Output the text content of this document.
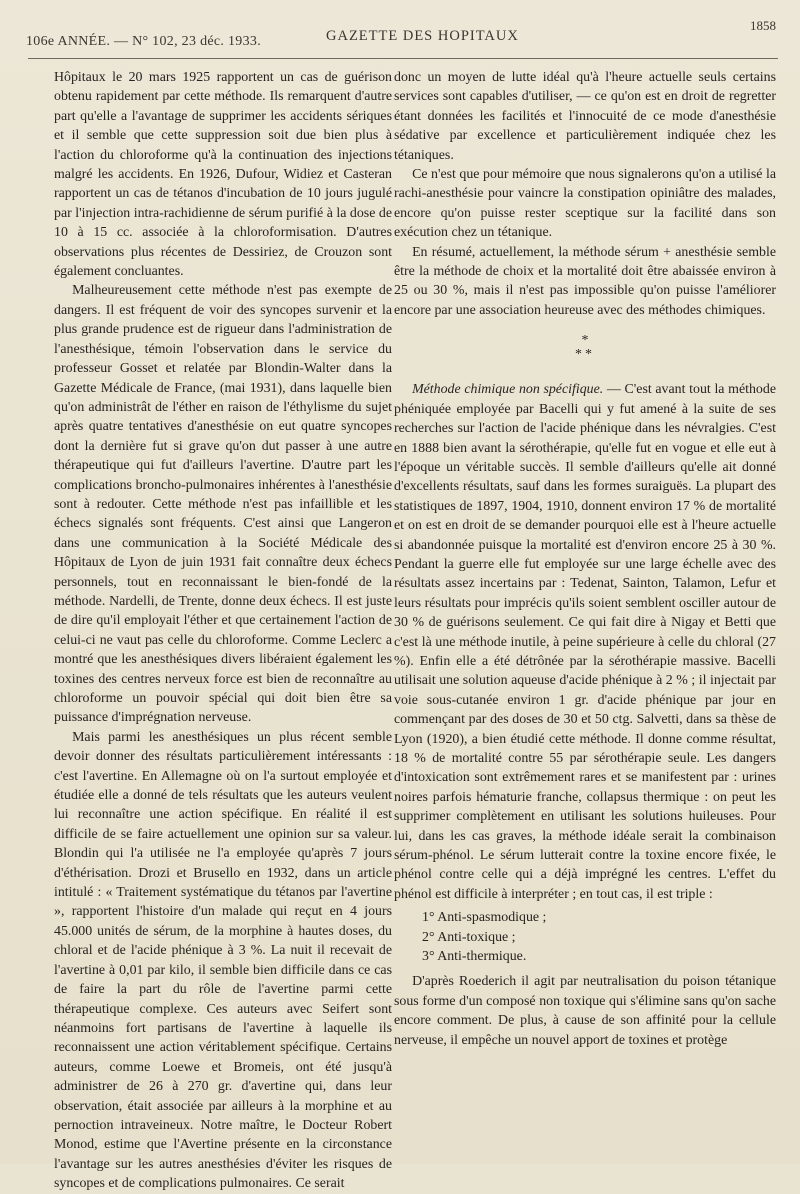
106e ANNÉE. — N° 102, 23 déc. 1933.	GAZETTE DES HOPITAUX
1858

Hôpitaux le 20 mars 1925 rapportent un cas de guérison obtenu rapidement par cette méthode. Ils remarquent d'autre part qu'elle a l'avantage de supprimer les accidents sériques et il semble que cette suppression soit due bien plus à l'action du chloroforme qu'à la continuation des injections malgré les accidents. En 1926, Dufour, Widiez et Casteran rapportent un cas de tétanos d'incubation de 10 jours jugulé par l'injection intra-rachidienne de sérum purifié à la dose de 10 à 15 cc. associée à la chloroformisation. D'autres observations plus récentes de Dessiriez, de Crouzon sont également concluantes.

Malheureusement cette méthode n'est pas exempte de dangers. Il est fréquent de voir des syncopes survenir et la plus grande prudence est de rigueur dans l'administration de l'anesthésique, témoin l'observation dans le service du professeur Gosset et relatée par Blondin-Walter dans la Gazette Médicale de France, (mai 1931), dans laquelle bien qu'on administrât de l'éther en raison de l'éthylisme du sujet après quatre tentatives d'anesthésie on eut quatre syncopes dont la dernière fut si grave qu'on dut passer à une autre thérapeutique qui fut d'ailleurs l'avertine. D'autre part les complications broncho-pulmonaires inhérentes à l'anesthésie sont à redouter. Cette méthode n'est pas infaillible et les échecs signalés sont fréquents. C'est ainsi que Langeron dans une communication à la Société Médicale des Hôpitaux de Lyon de juin 1931 fait connaître deux échecs personnels, tout en reconnaissant le bien-fondé de la méthode. Nardelli, de Trente, donne deux échecs. Il est juste de dire qu'il employait l'éther et que certainement l'action de celui-ci ne vaut pas celle du chloroforme. Comme Leclerc a montré que les anesthésiques divers libéraient également les toxines des centres nerveux force est bien de reconnaître au chloroforme un pouvoir spécial qui doit bien être sa puissance d'imprégnation nerveuse.

Mais parmi les anesthésiques un plus récent semble devoir donner des résultats particulièrement intéressants : c'est l'avertine. En Allemagne où on l'a surtout employée et étudiée elle a donné de tels résultats que les auteurs veulent lui reconnaître une action spécifique. En réalité il est difficile de se faire actuellement une opinion sur sa valeur. Blondin qui l'a utilisée ne l'a employée qu'après 7 jours d'éthérisation. Drozi et Brusello en 1932, dans un article intitulé : « Traitement systématique du tétanos par l'avertine », rapportent l'histoire d'un malade qui reçut en 4 jours 45.000 unités de sérum, de la morphine à hautes doses, du chloral et de l'acide phénique à 3 %. La nuit il recevait de l'avertine à 0,01 par kilo, il semble bien difficile dans ce cas de faire la part du rôle de l'avertine parmi cette thérapeutique complexe. Ces auteurs avec Seifert sont néanmoins fort partisans de l'avertine à laquelle ils reconnaissent une action véritablement spécifique. Certains auteurs, comme Loewe et Bromeis, ont été jusqu'à administrer de 26 à 270 gr. d'avertine qui, dans leur observation, était associée par ailleurs à la morphine et au pernoction intraveineux. Notre maître, le Docteur Robert Monod, estime que l'Avertine présente en la circonstance l'avantage sur les autres anesthésies d'éviter les risques de syncopes et de complications pulmonaires. Ce serait

donc un moyen de lutte idéal qu'à l'heure actuelle seuls certains services sont capables d'utiliser, — ce qu'on est en droit de regretter étant données les facilités et l'innocuité de ce mode d'anesthésie sédative par excellence et particulièrement indiquée chez les tétaniques.

Ce n'est que pour mémoire que nous signalerons qu'on a utilisé la rachi-anesthésie pour vaincre la constipation opiniâtre des malades, encore qu'on puisse rester sceptique sur la facilité dans son exécution chez un tétanique.

En résumé, actuellement, la méthode sérum + anesthésie semble être la méthode de choix et la mortalité doit être abaissée environ à 25 ou 30 %, mais il n'est pas impossible qu'on puisse l'améliorer encore par une association heureuse avec des méthodes chimiques.

*
**

Méthode chimique non spécifique. — C'est avant tout la méthode phéniquée employée par Bacelli qui y fut amené à la suite de ses recherches sur l'action de l'acide phénique dans les névralgies. C'est en 1888 bien avant la sérothérapie, qu'elle fut en vogue et elle eut à l'époque un véritable succès. Il semble d'ailleurs qu'elle ait donné d'excellents résultats, sauf dans les formes suraiguës. La plupart des statistiques de 1897, 1904, 1910, donnent environ 17 % de mortalité et on est en droit de se demander pourquoi elle est à l'heure actuelle si abandonnée puisque la mortalité est d'environ encore 25 à 30 %. Pendant la guerre elle fut employée sur une large échelle avec des résultats assez incertains par : Tedenat, Sainton, Talamon, Lefur et leurs résultats pour imprécis qu'ils soient semblent osciller autour de 30 % de guérisons seulement. Ce qui fait dire à Nigay et Betti que c'est là une méthode inutile, à peine supérieure à celle du chloral (27 %). Enfin elle a été détrônée par la sérothérapie massive. Bacelli utilisait une solution aqueuse d'acide phénique à 2 % ; il injectait par voie sous-cutanée environ 1 gr. d'acide phénique par jour en commençant par des doses de 30 et 50 ctg. Salvetti, dans sa thèse de Lyon (1920), a bien étudié cette méthode. Il donne comme résultat, 18 % de mortalité contre 55 par sérothérapie seule. Les dangers d'intoxication sont extrêmement rares et se manifestent par : urines noires parfois hématurie franche, collapsus thermique : on peut les supprimer complètement en utilisant les solutions huileuses. Pour lui, dans les cas graves, la méthode idéale serait la combinaison sérum-phénol. Le sérum lutterait contre la toxine encore fixée, le phénol contre celle qui a déjà imprégné les centres. L'effet du phénol est difficile à interpréter ; en tout cas, il est triple :

1° Anti-spasmodique ;
2° Anti-toxique ;
3° Anti-thermique.

D'après Roederich il agit par neutralisation du poison tétanique sous forme d'un composé non toxique qui s'élimine sans qu'on sache encore comment. De plus, à cause de son affinité pour la cellule nerveuse, il empêche un nouvel apport de toxines et protège
